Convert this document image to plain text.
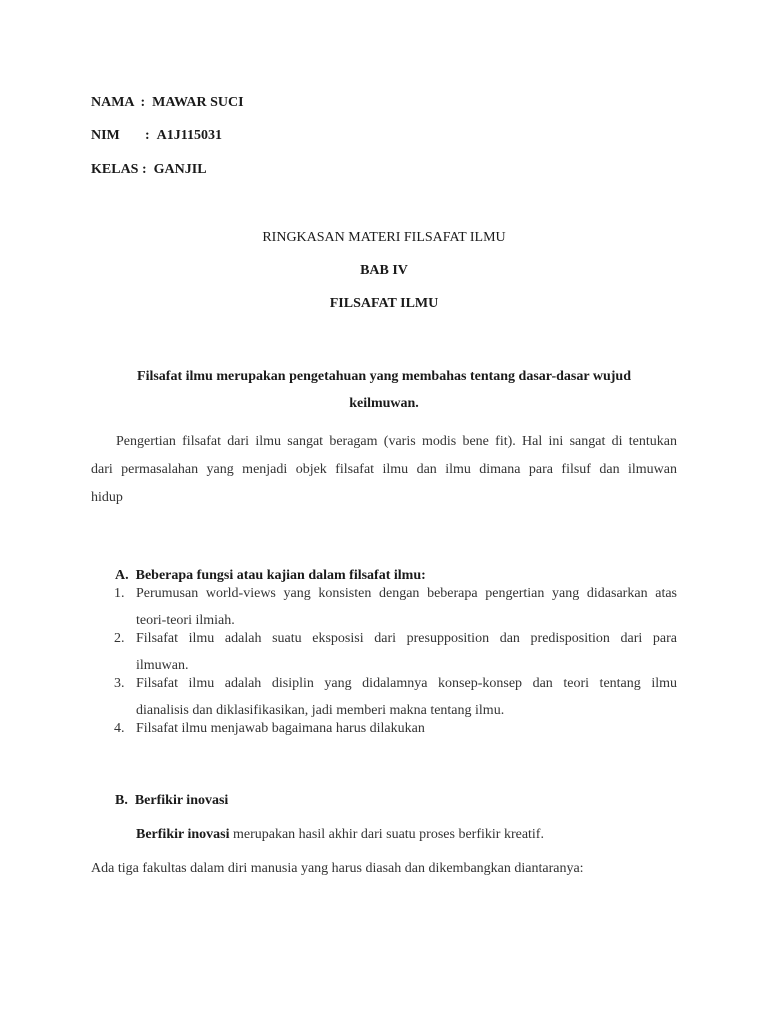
NAMA :  MAWAR SUCI
NIM :  A1J115031
KELAS :  GANJIL
RINGKASAN MATERI FILSAFAT ILMU
BAB IV
FILSAFAT ILMU
Filsafat ilmu merupakan pengetahuan yang membahas tentang dasar-dasar wujud
keilmuwan.
Pengertian filsafat dari ilmu sangat beragam (varis modis bene fit). Hal ini sangat di tentukan
dari permasalahan yang menjadi objek filsafat ilmu dan ilmu dimana para filsuf dan ilmuwan
hidup
A. Beberapa fungsi atau kajian dalam filsafat ilmu:
1. Perumusan world-views yang konsisten dengan beberapa pengertian yang didasarkan atas
teori-teori ilmiah.
2. Filsafat ilmu adalah suatu eksposisi dari presupposition dan predisposition dari para
ilmuwan.
3. Filsafat ilmu adalah disiplin yang didalamnya konsep-konsep dan teori tentang ilmu
dianalisis dan diklasifikasikan, jadi memberi makna tentang ilmu.
4. Filsafat ilmu menjawab bagaimana harus dilakukan
B. Berfikir inovasi
Berfikir inovasi merupakan hasil akhir dari suatu proses berfikir kreatif.
Ada tiga fakultas dalam diri manusia yang harus diasah dan dikembangkan diantaranya:
